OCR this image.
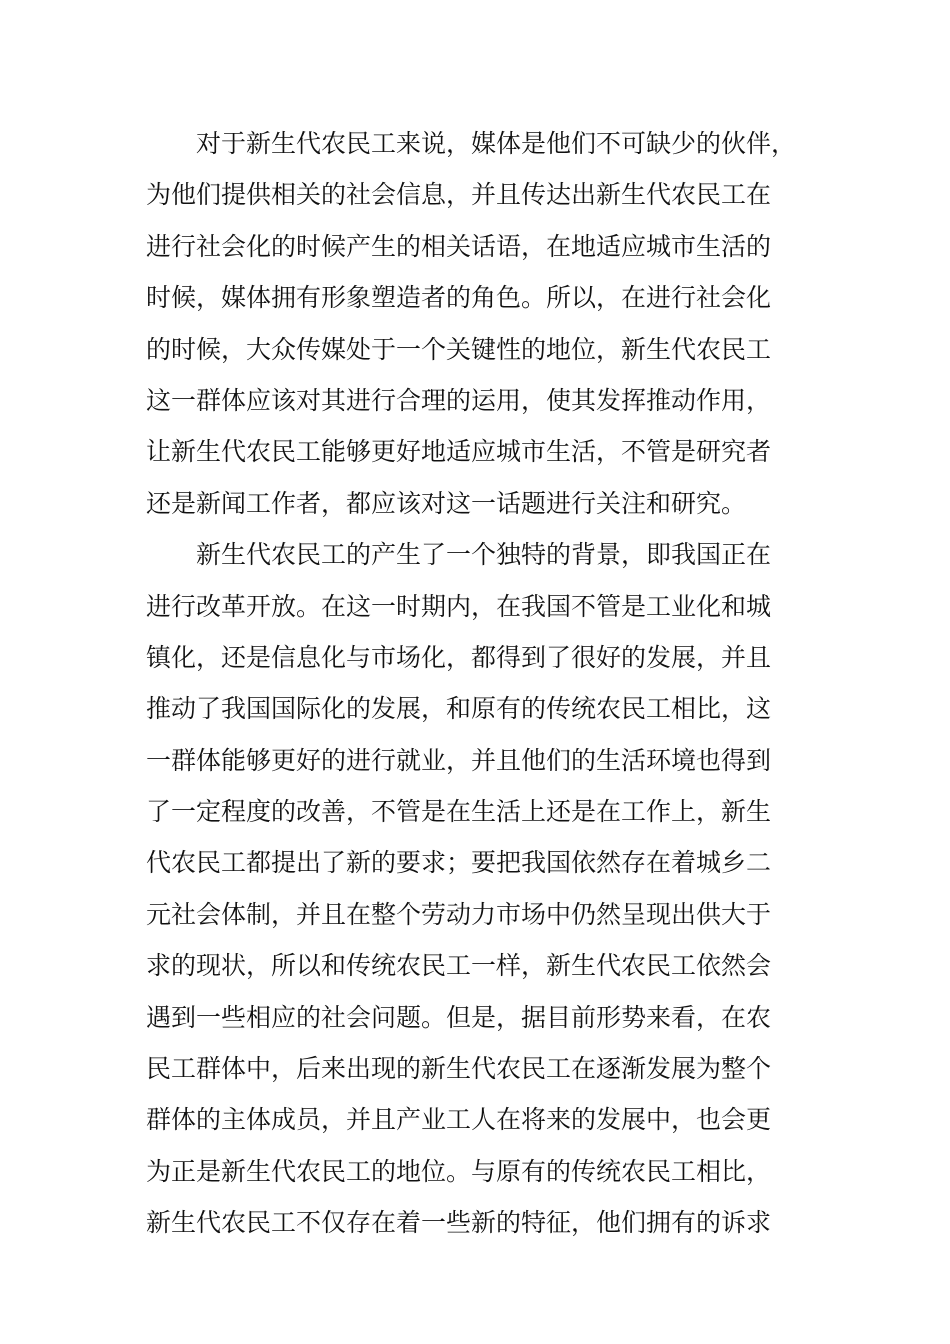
对于新生代农民工来说，媒体是他们不可缺少的伙伴，
为他们提供相关的社会信息，并且传达出新生代农民工在
进行社会化的时候产生的相关话语，在地适应城市生活的
时候，媒体拥有形象塑造者的角色。所以，在进行社会化
的时候，大众传媒处于一个关键性的地位，新生代农民工
这一群体应该对其进行合理的运用，使其发挥推动作用，
让新生代农民工能够更好地适应城市生活，不管是研究者
还是新闻工作者，都应该对这一话题进行关注和研究。
新生代农民工的产生了一个独特的背景，即我国正在
进行改革开放。在这一时期内，在我国不管是工业化和城
镇化，还是信息化与市场化，都得到了很好的发展，并且
推动了我国国际化的发展，和原有的传统农民工相比，这
一群体能够更好的进行就业，并且他们的生活环境也得到
了一定程度的改善，不管是在生活上还是在工作上，新生
代农民工都提出了新的要求；要把我国依然存在着城乡二
元社会体制，并且在整个劳动力市场中仍然呈现出供大于
求的现状，所以和传统农民工一样，新生代农民工依然会
遇到一些相应的社会问题。但是，据目前形势来看，在农
民工群体中，后来出现的新生代农民工在逐渐发展为整个
群体的主体成员，并且产业工人在将来的发展中，也会更
为正是新生代农民工的地位。与原有的传统农民工相比，
新生代农民工不仅存在着一些新的特征，他们拥有的诉求
